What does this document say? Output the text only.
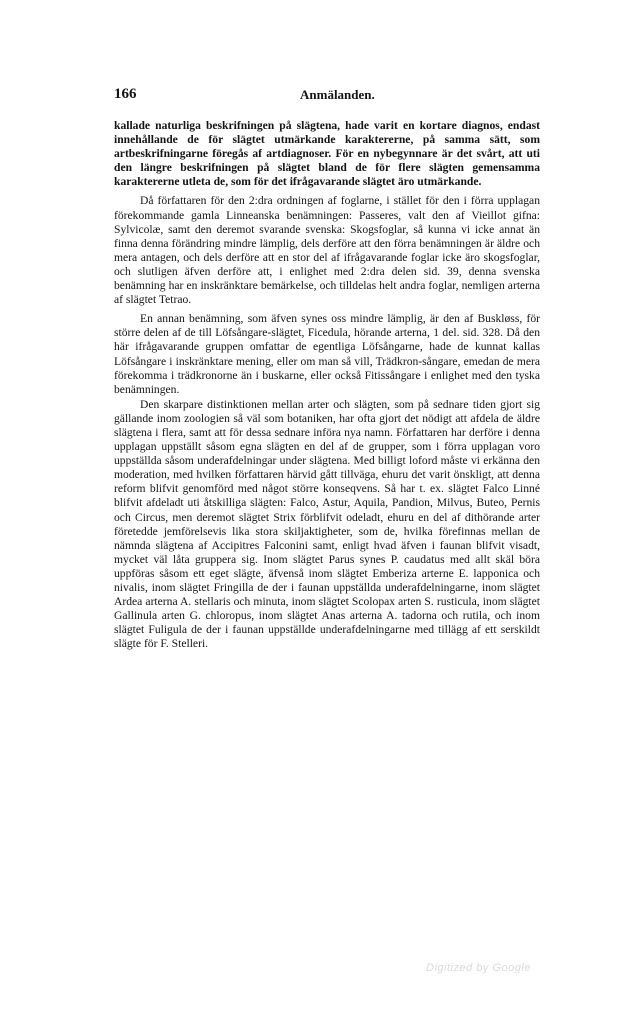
166	Anmälanden.

kallade naturliga beskrifningen på slägtena, hade varit en kortare diagnos, endast innehållande de för slägtet utmärkande karaktererne, på samma sätt, som artbeskrifningarne föregås af artdiagnoser. För en nybegynnare är det svårt, att uti den längre beskrifningen på slägtet bland de för flere slägten gemensamma karaktererne utleta de, som för det ifrågavarande slägtet äro utmärkande.

Då författaren för den 2:dra ordningen af foglarne, i stället för den i förra upplagan förekommande gamla Linneanska benämningen: Passeres, valt den af Vieillot gifna: Sylvicolæ, samt den deremot svarande svenska: Skogsfoglar, så kunna vi icke annat än finna denna förändring mindre lämplig, dels derföre att den förra benämningen är äldre och mera antagen, och dels derföre att en stor del af ifrågavarande foglar icke äro skogsfoglar, och slutligen äfven derföre att, i enlighet med 2:dra delen sid. 39, denna svenska benämning har en inskränktare bemärkelse, och tilldelas helt andra foglar, nemligen arterna af slägtet Tetrao.

En annan benämning, som äfven synes oss mindre lämplig, är den af Buskløss, för större delen af de till Löfsångare-slägtet, Ficedula, hörande arterna, 1 del. sid. 328. Då den här ifrågavarande gruppen omfattar de egentliga Löfsångarne, hade de kunnat kallas Löfsångare i inskränktare mening, eller om man så vill, Trädkron-sångare, emedan de mera förekomma i trädkronorne än i buskarne, eller också Fitissångare i enlighet med den tyska benämningen.

Den skarpare distinktionen mellan arter och slägten, som på sednare tiden gjort sig gällande inom zoologien så väl som botaniken, har ofta gjort det nödigt att afdela de äldre slägtena i flera, samt att för dessa sednare införa nya namn. Författaren har derföre i denna upplagan uppställt såsom egna slägten en del af de grupper, som i förra upplagan voro uppställda såsom underafdelningar under slägtena. Med billigt loford måste vi erkänna den moderation, med hvilken författaren härvid gått tillväga, ehuru det varit önskligt, att denna reform blifvit genomförd med något större konseqvens. Så har t. ex. slägtet Falco Linné blifvit afdeladt uti åtskilliga slägten: Falco, Astur, Aquila, Pandion, Milvus, Buteo, Pernis och Circus, men deremot slägtet Strix förblifvit odeladt, ehuru en del af dithörande arter företedde jemförelsevis lika stora skiljaktigheter, som de, hvilka förefinnas mellan de nämnda slägtena af Accipitres Falconini samt, enligt hvad äfven i faunan blifvit visadt, mycket väl låta gruppera sig. Inom slägtet Parus synes P. caudatus med allt skäl böra uppföras såsom ett eget slägte, äfvenså inom slägtet Emberiza arterne E. lapponica och nivalis, inom slägtet Fringilla de der i faunan uppställda underafdelningarne, inom slägtet Ardea arterna A. stellaris och minuta, inom slägtet Scolopax arten S. rusticula, inom slägtet Gallinula arten G. chloropus, inom slägtet Anas arterna A. tadorna och rutila, och inom slägtet Fuligula de der i faunan uppställde underafdelningarne med tillägg af ett serskildt slägte för F. Stelleri.

Digitized by Google
